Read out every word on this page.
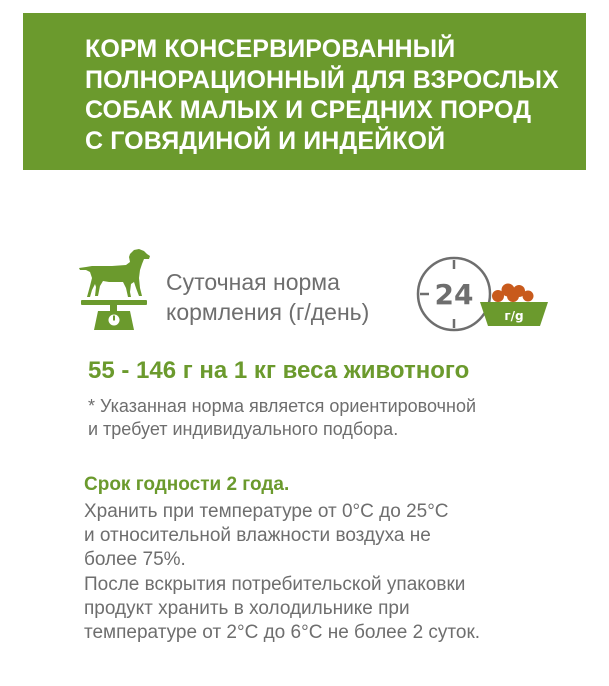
КОРМ КОНСЕРВИРОВАННЫЙ
ПОЛНОРАЦИОННЫЙ ДЛЯ ВЗРОСЛЫХ
СОБАК МАЛЫХ И СРЕДНИХ ПОРОД
С ГОВЯДИНОЙ И ИНДЕЙКОЙ
Суточная норма
кормления (г/день)
24
г/g
55 - 146 г на 1 кг веса животного
* Указанная норма является ориентировочной
и требует индивидуального подбора.
Срок годности 2 года.
Хранить при температуре от 0°С до 25°С
и относительной влажности воздуха не
более 75%.
После вскрытия потребительской упаковки
продукт хранить в холодильнике при
температуре от 2°С до 6°С не более 2 суток.
